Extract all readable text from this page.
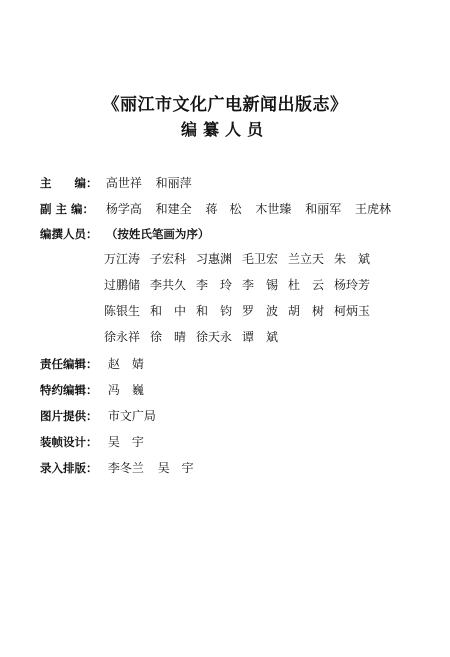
《丽江市文化广电新闻出版志》
编纂人员
主　　编： 高世祥 和丽萍
副 主 编： 杨学高 和建全 蒋　松 木世臻 和丽军 王虎林
编撰人员： （按姓氏笔画为序）
万江涛 子宏科 习惠渊 毛卫宏 兰立天 朱　斌
过鹏储 李共久 李　玲 李　锡 杜　云 杨玲芳
陈银生 和　中 和　钧 罗　波 胡　树 柯炳玉
徐永祥 徐　晴 徐天永 谭　斌
责任编辑： 赵　婧
特约编辑： 冯　巍
图片提供： 市文广局
装帧设计： 吴　宇
录入排版： 李冬兰 吴　宇
